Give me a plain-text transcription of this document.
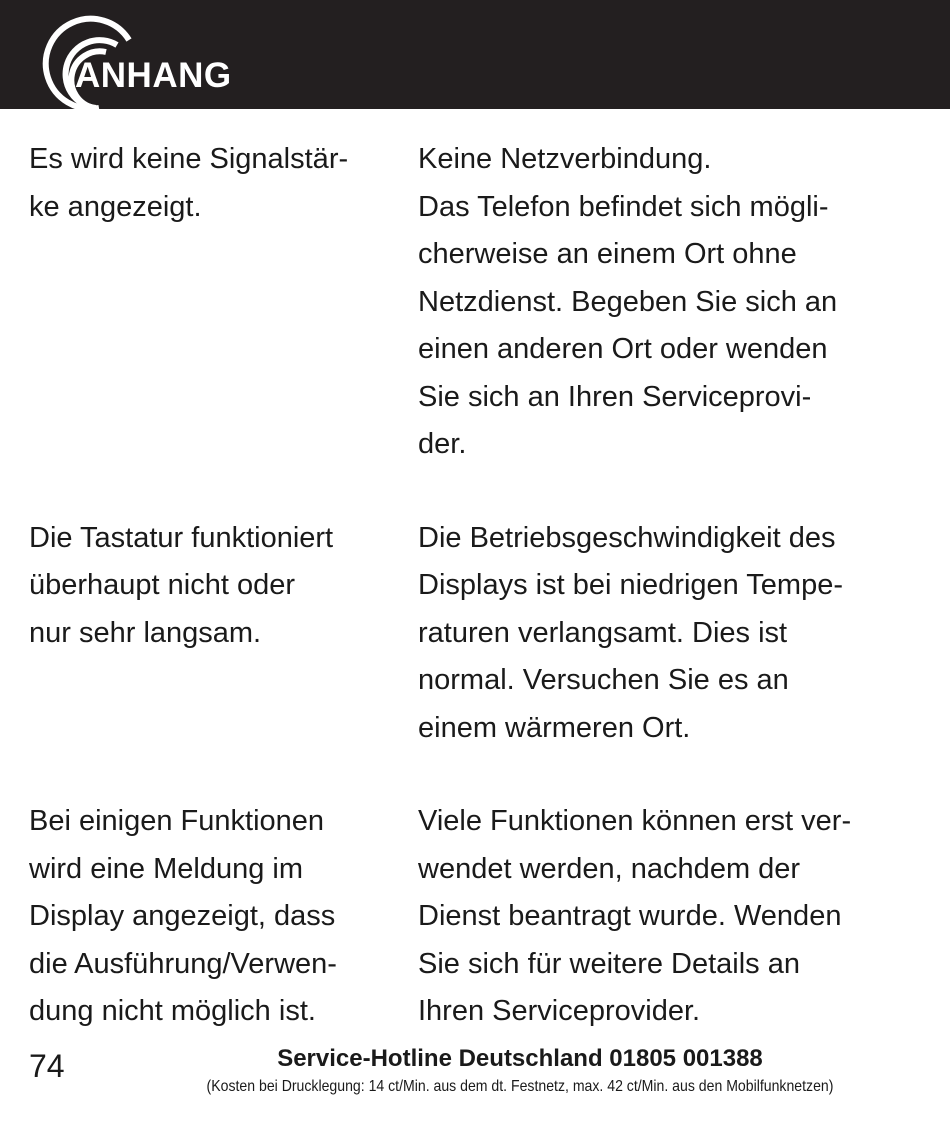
ANHANG

Es wird keine Signalstär-

ke angezeigt.

Keine Netzverbindung.

Das Telefon befindet sich mögli-

cherweise an einem Ort ohne

Netzdienst. Begeben Sie sich an

einen anderen Ort oder wenden

Sie sich an Ihren Serviceprovi-

der.

Die Tastatur funktioniert

überhaupt nicht oder

nur sehr langsam.

Die Betriebsgeschwindigkeit des

Displays ist bei niedrigen Tempe-

raturen verlangsamt. Dies ist

normal. Versuchen Sie es an

einem wärmeren Ort.

Bei einigen Funktionen

wird eine Meldung im

Display angezeigt, dass

die Ausführung/Verwen-

dung nicht möglich ist.

Viele Funktionen können erst ver-

wendet werden, nachdem der

Dienst beantragt wurde. Wenden

Sie sich für weitere Details an

Ihren Serviceprovider.

74	Service-Hotline Deutschland 01805 001388
(Kosten bei Drucklegung: 14 ct/Min. aus dem dt. Festnetz, max. 42 ct/Min. aus den Mobilfunknetzen)
